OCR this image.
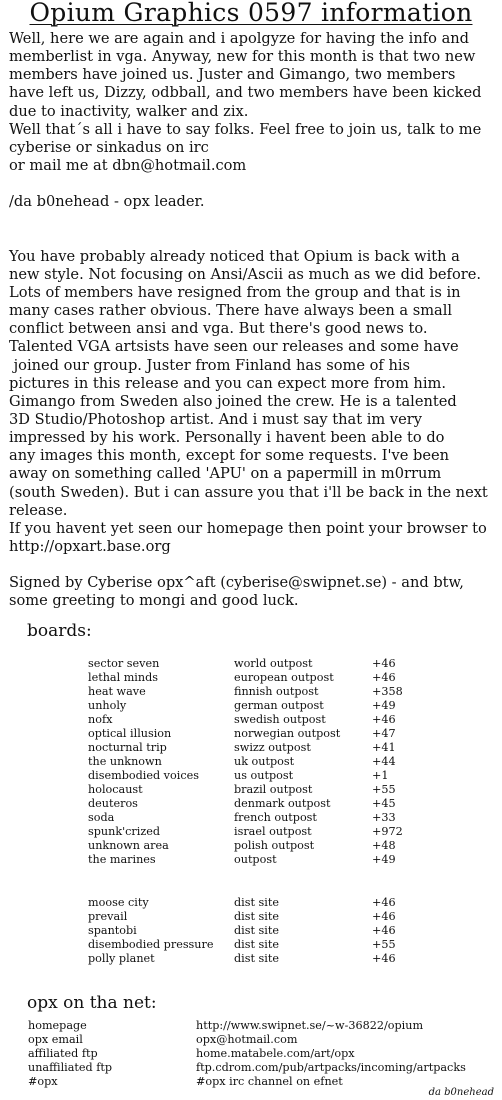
Opium Graphics 0597 information
Well, here we are again and i apolgyze for having the info and
memberlist in vga. Anyway, new for this month is that two new
members have joined us. Juster and Gimango, two members
have left us, Dizzy, odbball, and two members have been kicked
due to inactivity, walker and zix.
Well that´s all i have to say folks. Feel free to join us, talk to me
cyberise or sinkadus on irc
or mail me at dbn@hotmail.com
/da b0nehead - opx leader.
You have probably already noticed that Opium is back with a
new style. Not focusing on Ansi/Ascii as much as we did before.
Lots of members have resigned from the group and that is in
many cases rather obvious. There have always been a small
conflict between ansi and vga. But there's good news to.
Talented VGA artsists have seen our releases and some have
joined our group. Juster from Finland has some of his
pictures in this release and you can expect more from him.
Gimango from Sweden also joined the crew. He is a talented
3D Studio/Photoshop artist. And i must say that im very
impressed by his work. Personally i havent been able to do
any images this month, except for some requests. I've been
away on something called 'APU' on a papermill in m0rrum
(south Sweden). But i can assure you that i'll be back in the next
release.
If you havent yet seen our homepage then point your browser to
http://opxart.base.org
Signed by Cyberise opx^aft (cyberise@swipnet.se) - and btw,
some greeting to mongi and good luck.
boards:
sector seven	world outpost	+46
lethal minds	european outpost	+46
heat wave	finnish outpost	+358
unholy	german outpost	+49
nofx	swedish outpost	+46
optical illusion	norwegian outpost	+47
nocturnal trip	swizz outpost	+41
the unknown	uk outpost	+44
disembodied voices	us outpost	+1
holocaust	brazil outpost	+55
deuteros	denmark outpost	+45
soda	french outpost	+33
spunk'crized	israel outpost	+972
unknown area	polish outpost	+48
the marines	outpost	+49
moose city	dist site	+46
prevail	dist site	+46
spantobi	dist site	+46
disembodied pressure dist site	+55
polly planet	dist site	+46
opx on tha net:
homepage	http://www.swipnet.se/~w-36822/opium
opx email	opx@hotmail.com
affiliated ftp	home.matabele.com/art/opx
unaffiliated ftp	ftp.cdrom.com/pub/artpacks/incoming/artpacks
#opx	#opx irc channel on efnet
da b0nehead
